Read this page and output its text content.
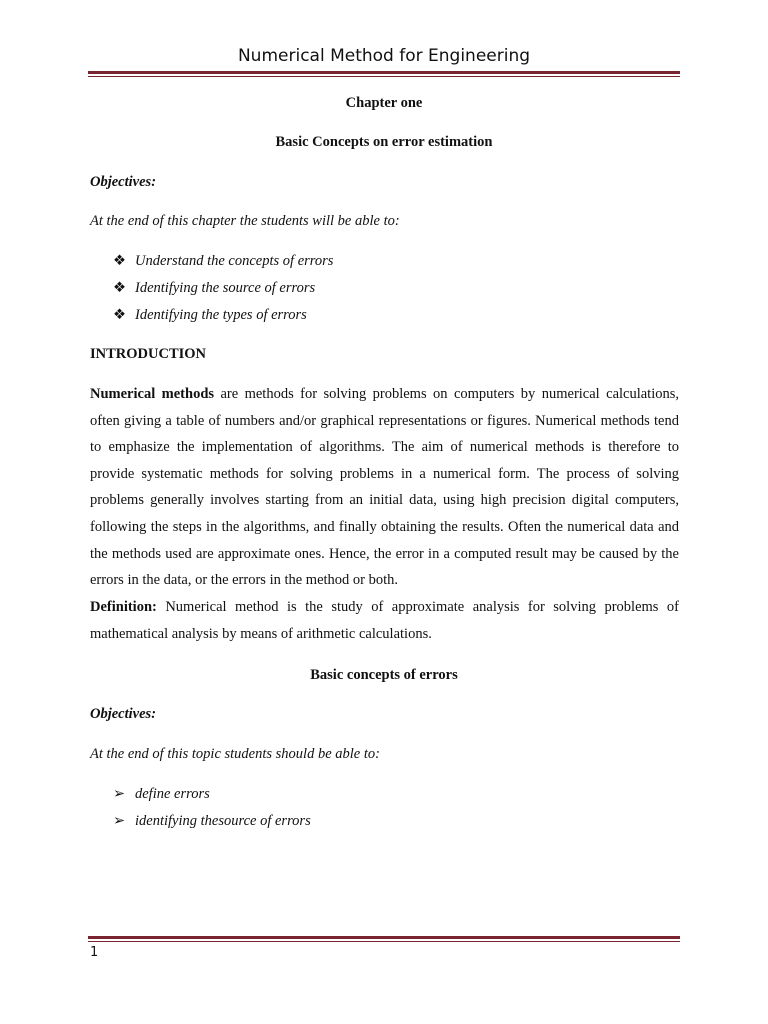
Numerical Method for Engineering
Chapter one
Basic Concepts on error estimation
Objectives:
At the end of this chapter the students will be able to:
❖ Understand the concepts of errors
❖ Identifying the source of errors
❖ Identifying the types of errors
INTRODUCTION
Numerical methods are methods for solving problems on computers by numerical calculations, often giving a table of numbers and/or graphical representations or figures. Numerical methods tend to emphasize the implementation of algorithms. The aim of numerical methods is therefore to provide systematic methods for solving problems in a numerical form. The process of solving problems generally involves starting from an initial data, using high precision digital computers, following the steps in the algorithms, and finally obtaining the results. Often the numerical data and the methods used are approximate ones. Hence, the error in a computed result may be caused by the errors in the data, or the errors in the method or both.
Definition: Numerical method is the study of approximate analysis for solving problems of mathematical analysis by means of arithmetic calculations.
Basic concepts of errors
Objectives:
At the end of this topic students should be able to:
➢ define errors
➢ identifying thesource of errors
1
